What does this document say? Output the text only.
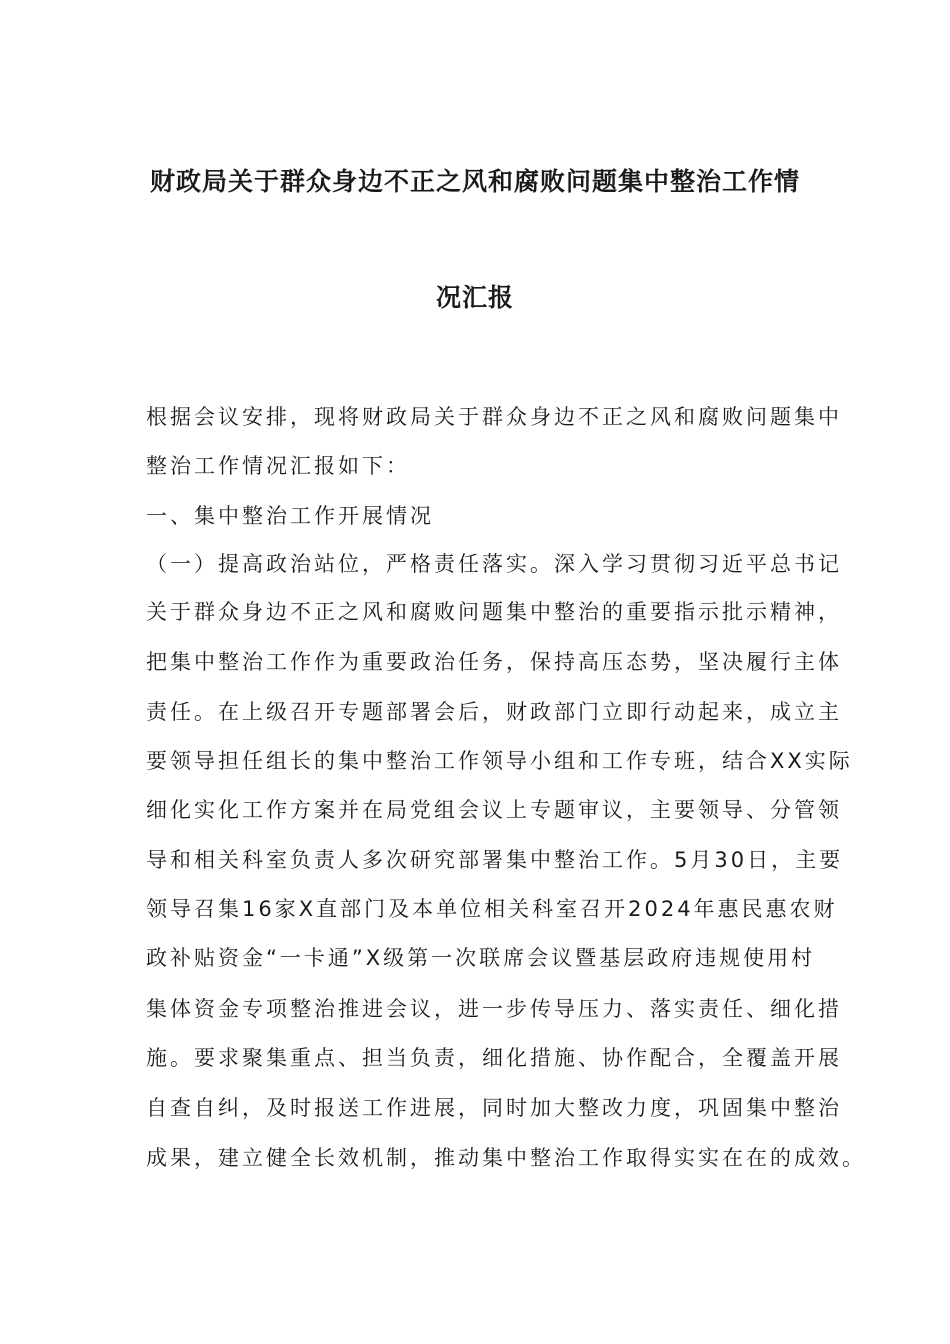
财政局关于群众身边不正之风和腐败问题集中整治工作情
况汇报
根据会议安排，现将财政局关于群众身边不正之风和腐败问题集中
整治工作情况汇报如下：
一、集中整治工作开展情况
（一）提高政治站位，严格责任落实。深入学习贯彻习近平总书记
关于群众身边不正之风和腐败问题集中整治的重要指示批示精神，
把集中整治工作作为重要政治任务，保持高压态势，坚决履行主体
责任。在上级召开专题部署会后，财政部门立即行动起来，成立主
要领导担任组长的集中整治工作领导小组和工作专班，结合XX实际
细化实化工作方案并在局党组会议上专题审议，主要领导、分管领
导和相关科室负责人多次研究部署集中整治工作。5月30日，主要
领导召集16家X直部门及本单位相关科室召开2024年惠民惠农财
政补贴资金“一卡通”X级第一次联席会议暨基层政府违规使用村
集体资金专项整治推进会议，进一步传导压力、落实责任、细化措
施。要求聚集重点、担当负责，细化措施、协作配合，全覆盖开展
自查自纠，及时报送工作进展，同时加大整改力度，巩固集中整治
成果，建立健全长效机制，推动集中整治工作取得实实在在的成效。
